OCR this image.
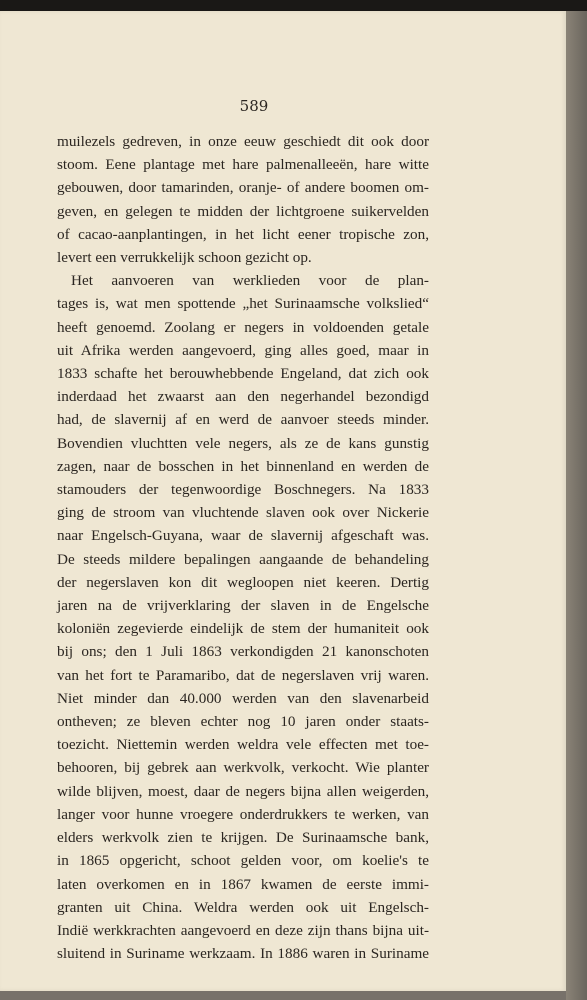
589
muilezels gedreven, in onze eeuw geschiedt dit ook door
stoom. Eene plantage met hare palmenalleeën, hare witte
gebouwen, door tamarinden, oranje- of andere boomen om-
geven, en gelegen te midden der lichtgroene suikervelden
of cacao-aanplantingen, in het licht eener tropische zon,
levert een verrukkelijk schoon gezicht op.
Het aanvoeren van werklieden voor de plan-
tages is, wat men spottende „het Surinaamsche volkslied“
heeft genoemd. Zoolang er negers in voldoenden getale
uit Afrika werden aangevoerd, ging alles goed, maar in
1833 schafte het berouwhebbende Engeland, dat zich ook
inderdaad het zwaarst aan den negerhandel bezondigd
had, de slavernij af en werd de aanvoer steeds minder.
Bovendien vluchtten vele negers, als ze de kans gunstig
zagen, naar de bosschen in het binnenland en werden de
stamouders der tegenwoordige Boschnegers. Na 1833
ging de stroom van vluchtende slaven ook over Nickerie
naar Engelsch-Guyana, waar de slavernij afgeschaft was.
De steeds mildere bepalingen aangaande de behandeling
der negerslaven kon dit wegloopen niet keeren. Dertig
jaren na de vrijverklaring der slaven in de Engelsche
koloniën zegevierde eindelijk de stem der humaniteit ook
bij ons; den 1 Juli 1863 verkondigden 21 kanonschoten
van het fort te Paramaribo, dat de negerslaven vrij waren.
Niet minder dan 40.000 werden van den slavenarbeid
ontheven; ze bleven echter nog 10 jaren onder staats-
toezicht. Niettemin werden weldra vele effecten met toe-
behooren, bij gebrek aan werkvolk, verkocht. Wie planter
wilde blijven, moest, daar de negers bijna allen weigerden,
langer voor hunne vroegere onderdrukkers te werken, van
elders werkvolk zien te krijgen. De Surinaamsche bank,
in 1865 opgericht, schoot gelden voor, om koelie's te
laten overkomen en in 1867 kwamen de eerste immi-
granten uit China. Weldra werden ook uit Engelsch-
Indië werkkrachten aangevoerd en deze zijn thans bijna uit-
sluitend in Suriname werkzaam. In 1886 waren in Suriname
